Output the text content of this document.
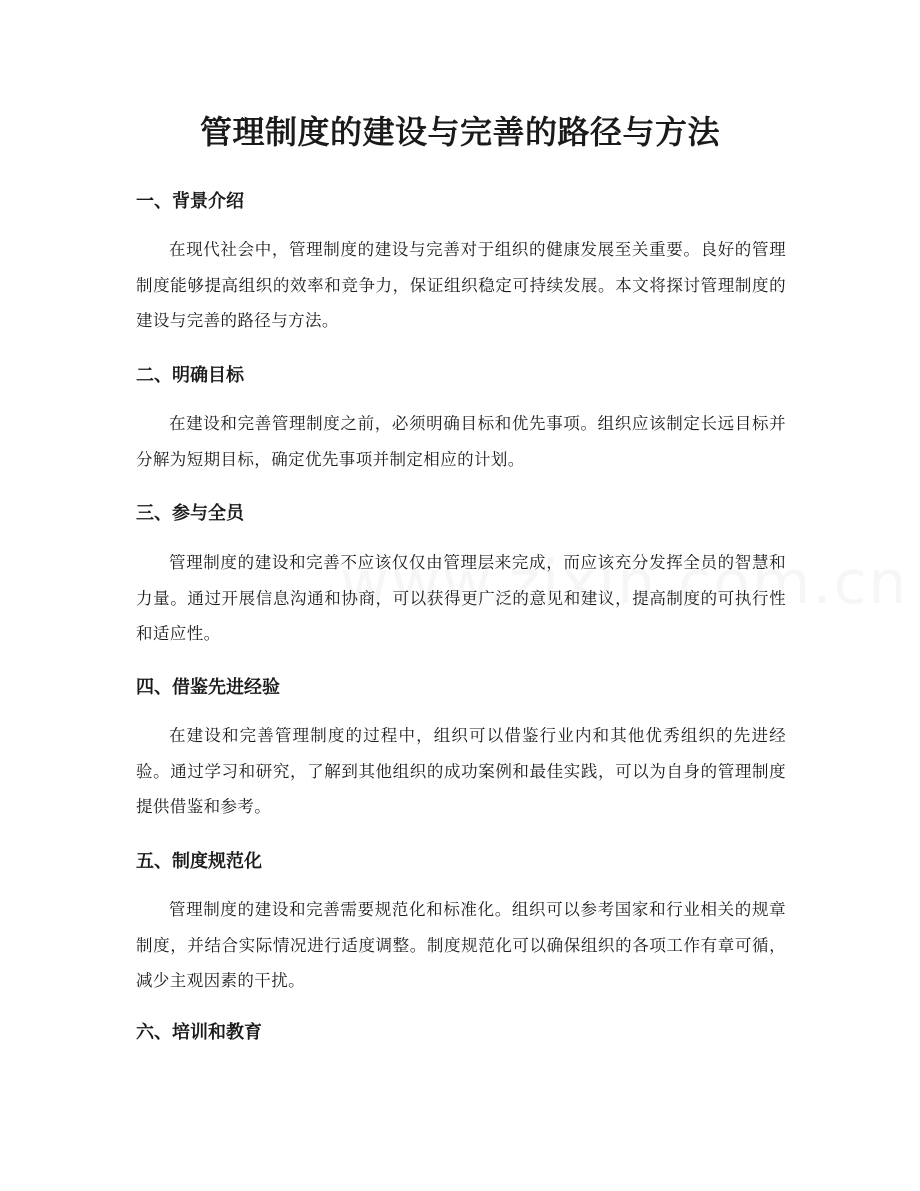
管理制度的建设与完善的路径与方法
一、背景介绍

在现代社会中，管理制度的建设与完善对于组织的健康发展至关重要。良好的管理制度能够提高组织的效率和竞争力，保证组织稳定可持续发展。本文将探讨管理制度的建设与完善的路径与方法。

二、明确目标

在建设和完善管理制度之前，必须明确目标和优先事项。组织应该制定长远目标并分解为短期目标，确定优先事项并制定相应的计划。

三、参与全员

管理制度的建设和完善不应该仅仅由管理层来完成，而应该充分发挥全员的智慧和力量。通过开展信息沟通和协商，可以获得更广泛的意见和建议，提高制度的可执行性和适应性。

四、借鉴先进经验

在建设和完善管理制度的过程中，组织可以借鉴行业内和其他优秀组织的先进经验。通过学习和研究，了解到其他组织的成功案例和最佳实践，可以为自身的管理制度提供借鉴和参考。

五、制度规范化

管理制度的建设和完善需要规范化和标准化。组织可以参考国家和行业相关的规章制度，并结合实际情况进行适度调整。制度规范化可以确保组织的各项工作有章可循，减少主观因素的干扰。

六、培训和教育
